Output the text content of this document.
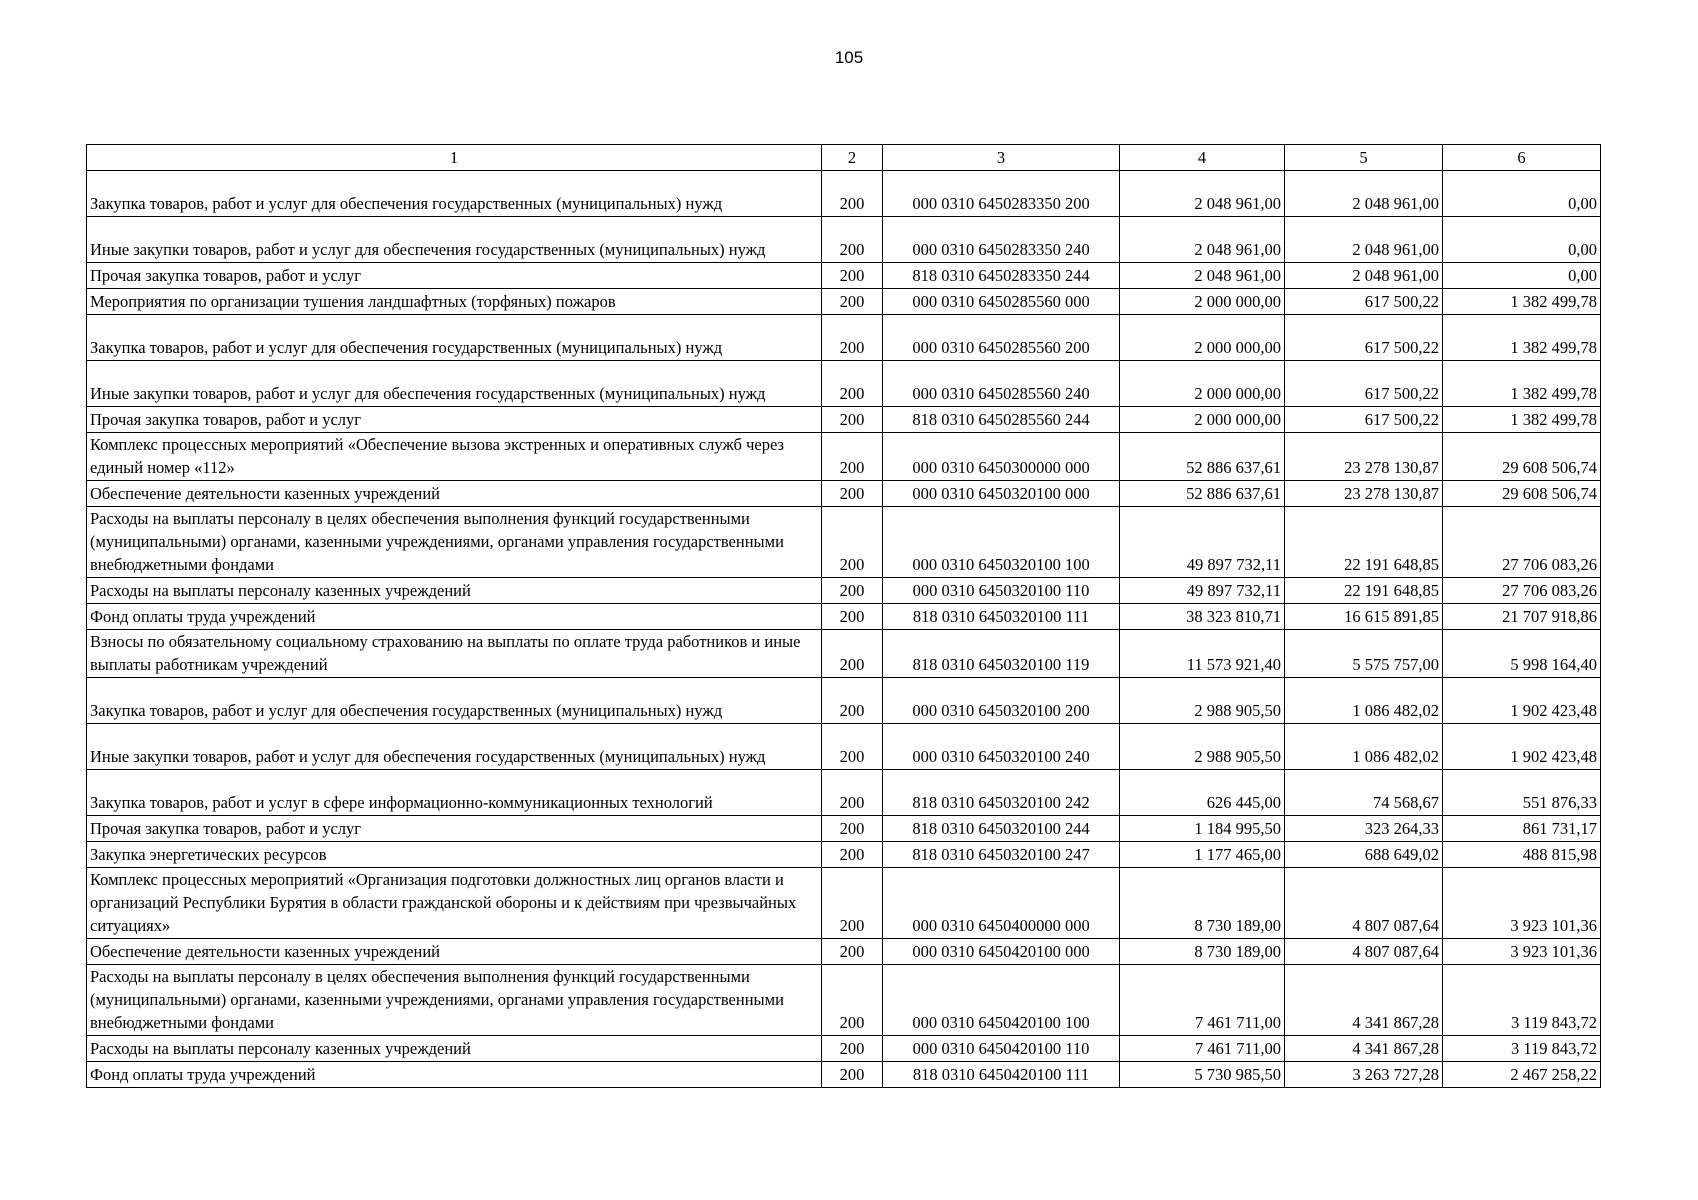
105
1	2	3	4	5	6
Закупка товаров, работ и услуг для обеспечения государственных (муниципальных) нужд	200	000 0310 6450283350 200	2 048 961,00	2 048 961,00	0,00
Иные закупки товаров, работ и услуг для обеспечения государственных (муниципальных) нужд	200	000 0310 6450283350 240	2 048 961,00	2 048 961,00	0,00
Прочая закупка товаров, работ и услуг	200	818 0310 6450283350 244	2 048 961,00	2 048 961,00	0,00
Мероприятия по организации тушения ландшафтных (торфяных) пожаров	200	000 0310 6450285560 000	2 000 000,00	617 500,22	1 382 499,78
Закупка товаров, работ и услуг для обеспечения государственных (муниципальных) нужд	200	000 0310 6450285560 200	2 000 000,00	617 500,22	1 382 499,78
Иные закупки товаров, работ и услуг для обеспечения государственных (муниципальных) нужд	200	000 0310 6450285560 240	2 000 000,00	617 500,22	1 382 499,78
Прочая закупка товаров, работ и услуг	200	818 0310 6450285560 244	2 000 000,00	617 500,22	1 382 499,78
Комплекс процессных мероприятий «Обеспечение вызова экстренных и оперативных служб через единый номер «112»	200	000 0310 6450300000 000	52 886 637,61	23 278 130,87	29 608 506,74
Обеспечение деятельности казенных учреждений	200	000 0310 6450320100 000	52 886 637,61	23 278 130,87	29 608 506,74
Расходы на выплаты персоналу в целях обеспечения выполнения функций государственными (муниципальными) органами, казенными учреждениями, органами управления государственными внебюджетными фондами	200	000 0310 6450320100 100	49 897 732,11	22 191 648,85	27 706 083,26
Расходы на выплаты персоналу казенных учреждений	200	000 0310 6450320100 110	49 897 732,11	22 191 648,85	27 706 083,26
Фонд оплаты труда учреждений	200	818 0310 6450320100 111	38 323 810,71	16 615 891,85	21 707 918,86
Взносы по обязательному социальному страхованию на выплаты по оплате труда работников и иные выплаты работникам учреждений	200	818 0310 6450320100 119	11 573 921,40	5 575 757,00	5 998 164,40
Закупка товаров, работ и услуг для обеспечения государственных (муниципальных) нужд	200	000 0310 6450320100 200	2 988 905,50	1 086 482,02	1 902 423,48
Иные закупки товаров, работ и услуг для обеспечения государственных (муниципальных) нужд	200	000 0310 6450320100 240	2 988 905,50	1 086 482,02	1 902 423,48
Закупка товаров, работ и услуг в сфере информационно-коммуникационных технологий	200	818 0310 6450320100 242	626 445,00	74 568,67	551 876,33
Прочая закупка товаров, работ и услуг	200	818 0310 6450320100 244	1 184 995,50	323 264,33	861 731,17
Закупка энергетических ресурсов	200	818 0310 6450320100 247	1 177 465,00	688 649,02	488 815,98
Комплекс процессных мероприятий «Организация подготовки должностных лиц органов власти и организаций Республики Бурятия в области гражданской обороны и к действиям при чрезвычайных ситуациях»	200	000 0310 6450400000 000	8 730 189,00	4 807 087,64	3 923 101,36
Обеспечение деятельности казенных учреждений	200	000 0310 6450420100 000	8 730 189,00	4 807 087,64	3 923 101,36
Расходы на выплаты персоналу в целях обеспечения выполнения функций государственными (муниципальными) органами, казенными учреждениями, органами управления государственными внебюджетными фондами	200	000 0310 6450420100 100	7 461 711,00	4 341 867,28	3 119 843,72
Расходы на выплаты персоналу казенных учреждений	200	000 0310 6450420100 110	7 461 711,00	4 341 867,28	3 119 843,72
Фонд оплаты труда учреждений	200	818 0310 6450420100 111	5 730 985,50	3 263 727,28	2 467 258,22
